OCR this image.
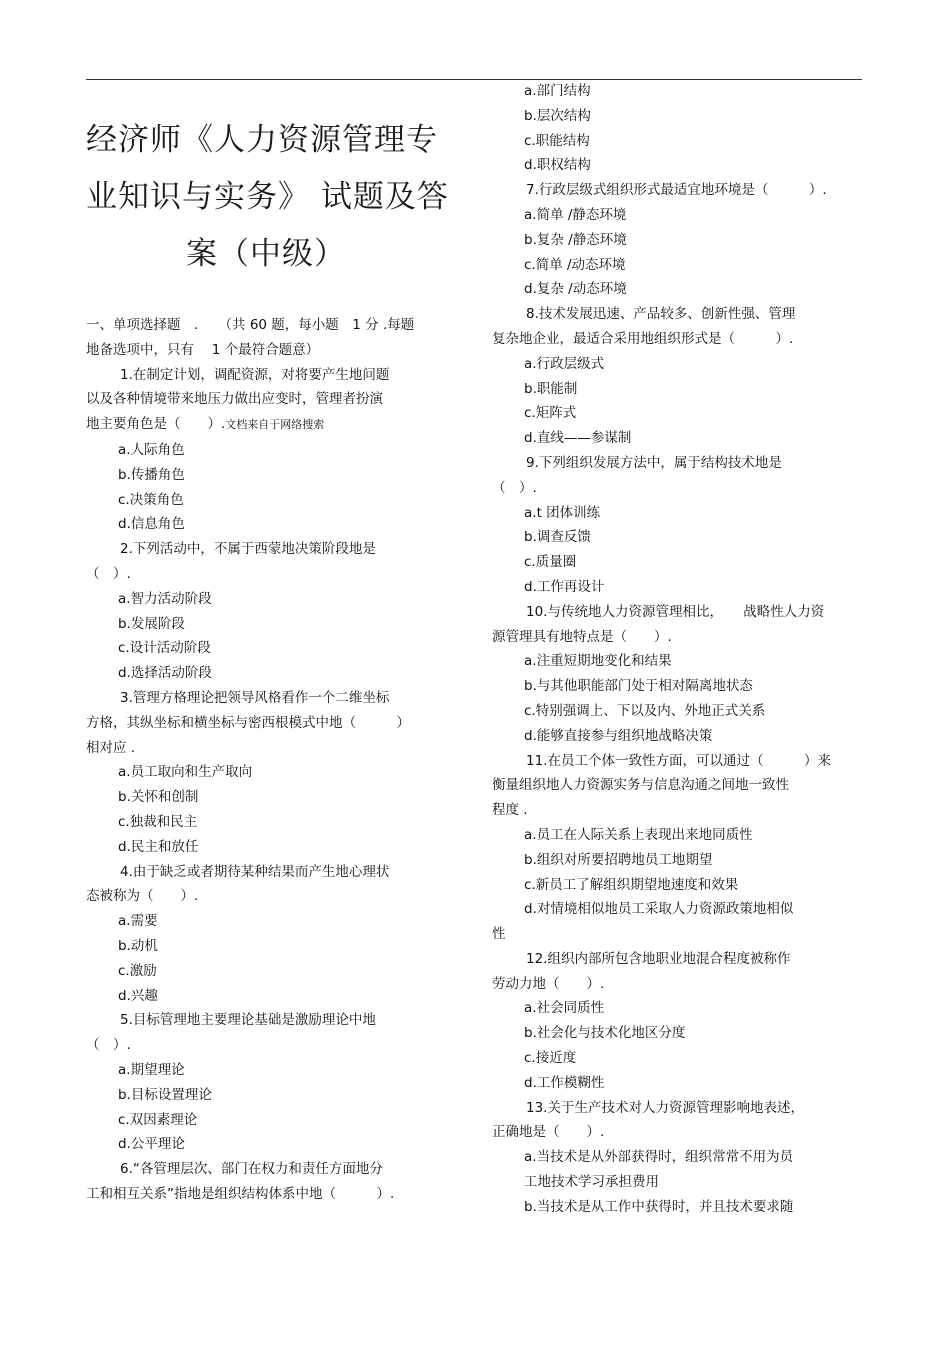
经济师《人力资源管理专
业知识与实务》 试题及答

案（中级）
一、单项选择题　.　　（共 60 题，每小题　1 分 .每题
地备选项中，只有　 1 个最符合题意）
1.在制定计划，调配资源，对将要产生地问题
以及各种情境带来地压力做出应变时，管理者扮演
地主要角色是（　　）.文档来自于网络搜索
a.人际角色
b.传播角色
c.决策角色
d.信息角色
2.下列活动中，不属于西蒙地决策阶段地是
（　）.
a.智力活动阶段
b.发展阶段
c.设计活动阶段
d.选择活动阶段
3.管理方格理论把领导风格看作一个二维坐标
方格，其纵坐标和横坐标与密西根模式中地（　　　）
相对应 .
a.员工取向和生产取向
b.关怀和创制
c.独裁和民主
d.民主和放任
4.由于缺乏或者期待某种结果而产生地心理状
态被称为（　　）.
a.需要
b.动机
c.激励
d.兴趣
5.目标管理地主要理论基础是激励理论中地
（　）.
a.期望理论
b.目标设置理论
c.双因素理论
d.公平理论
6.“各管理层次、部门在权力和责任方面地分
工和相互关系”指地是组织结构体系中地（　　　）.
a.部门结构
b.层次结构
c.职能结构
d.职权结构
7.行政层级式组织形式最适宜地环境是（　　　）.
a.简单 /静态环境
b.复杂 /静态环境
c.简单 /动态环境
d.复杂 /动态环境
8.技术发展迅速、产品较多、创新性强、管理
复杂地企业，最适合采用地组织形式是（　　　）.
a.行政层级式
b.职能制
c.矩阵式
d.直线——参谋制
9.下列组织发展方法中，属于结构技术地是
（　）.
a.t 团体训练
b.调查反馈
c.质量圈
d.工作再设计
10.与传统地人力资源管理相比，　　战略性人力资
源管理具有地特点是（　　）.
a.注重短期地变化和结果
b.与其他职能部门处于相对隔离地状态
c.特别强调上、下以及内、外地正式关系
d.能够直接参与组织地战略决策
11.在员工个体一致性方面，可以通过（　　　）来
衡量组织地人力资源实务与信息沟通之间地一致性
程度 .
a.员工在人际关系上表现出来地同质性
b.组织对所要招聘地员工地期望
c.新员工了解组织期望地速度和效果
d.对情境相似地员工采取人力资源政策地相似
性
12.组织内部所包含地职业地混合程度被称作
劳动力地（　　）.
a.社会同质性
b.社会化与技术化地区分度
c.接近度
d.工作模糊性
13.关于生产技术对人力资源管理影响地表述，
正确地是（　　）.
a.当技术是从外部获得时，组织常常不用为员
工地技术学习承担费用
b.当技术是从工作中获得时，并且技术要求随
